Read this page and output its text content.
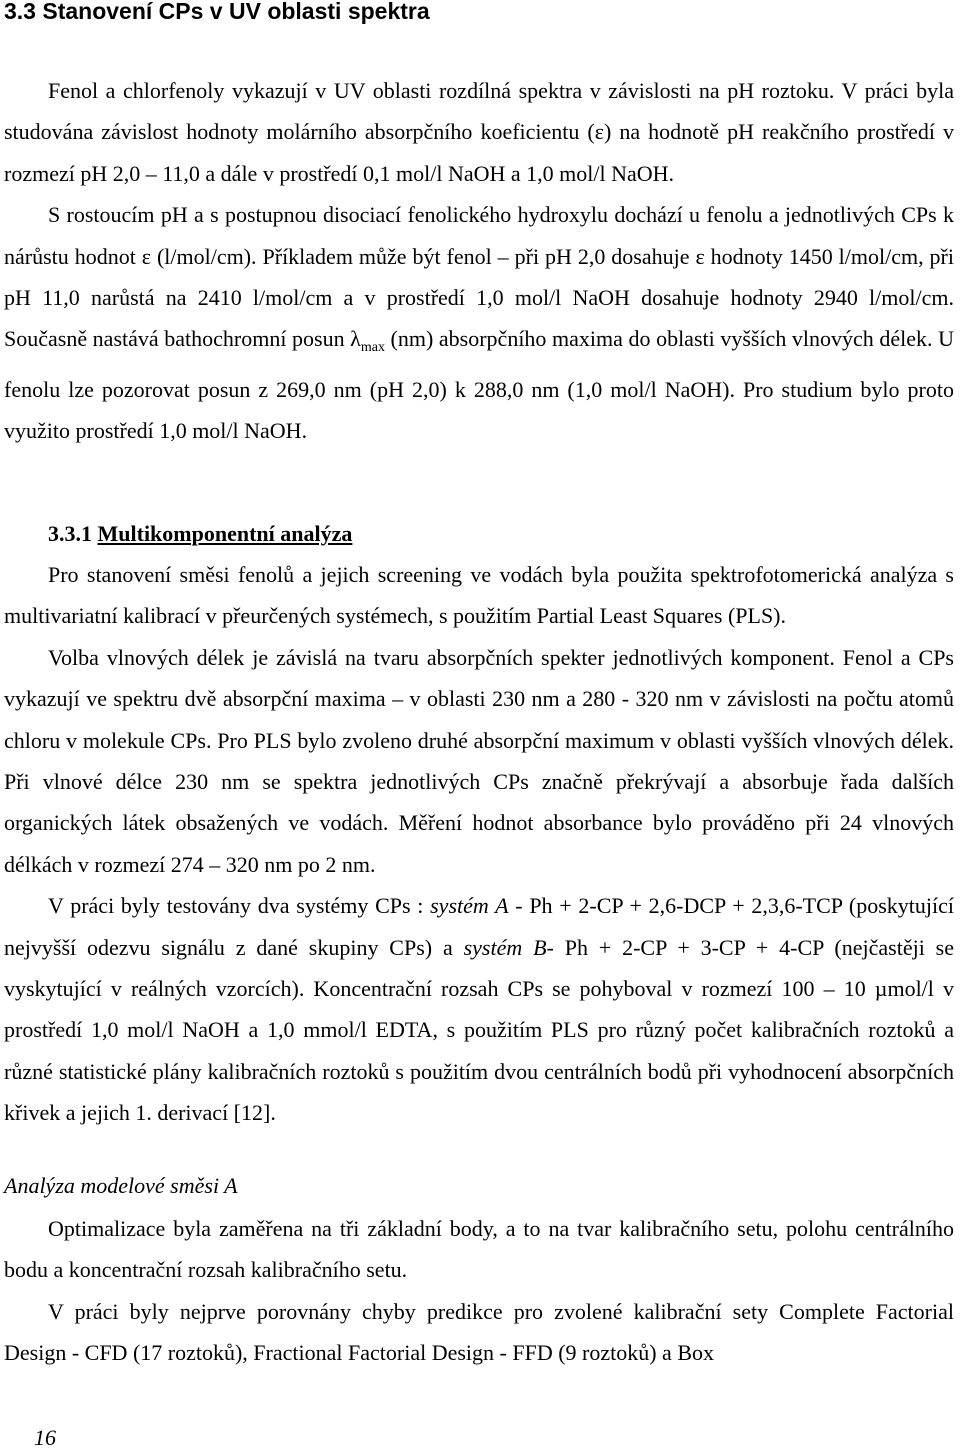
3.3 Stanovení CPs v UV oblasti spektra

Fenol a chlorfenoly vykazují v UV oblasti rozdílná spektra v závislosti na pH roztoku. V práci byla studována závislost hodnoty molárního absorpčního koeficientu (ε) na hodnotě pH reakčního prostředí v rozmezí pH 2,0 – 11,0 a dále v prostředí 0,1 mol/l NaOH a 1,0 mol/l NaOH.

S rostoucím pH a s postupnou disociací fenolického hydroxylu dochází u fenolu a jednotlivých CPs k nárůstu hodnot ε (l/mol/cm). Příkladem může být fenol – při pH 2,0 dosahuje ε hodnoty 1450 l/mol/cm, při pH 11,0 narůstá na 2410 l/mol/cm a v prostředí 1,0 mol/l NaOH dosahuje hodnoty 2940 l/mol/cm. Současně nastává bathochromní posun $\lambda_{max}$ (nm) absorpčního maxima do oblasti vyšších vlnových délek. U fenolu lze pozorovat posun z 269,0 nm (pH 2,0) k 288,0 nm (1,0 mol/l NaOH). Pro studium bylo proto využito prostředí 1,0 mol/l NaOH.

3.3.1 Multikomponentní analýza

Pro stanovení směsi fenolů a jejich screening ve vodách byla použita spektrofotomerická analýza s multivariatní kalibrací v přeurčených systémech, s použitím Partial Least Squares (PLS).

Volba vlnových délek je závislá na tvaru absorpčních spekter jednotlivých komponent. Fenol a CPs vykazují ve spektru dvě absorpční maxima – v oblasti 230 nm a 280 - 320 nm v závislosti na počtu atomů chloru v molekule CPs. Pro PLS bylo zvoleno druhé absorpční maximum v oblasti vyšších vlnových délek. Při vlnové délce 230 nm se spektra jednotlivých CPs značně překrývají a absorbuje řada dalších organických látek obsažených ve vodách. Měření hodnot absorbance bylo prováděno při 24 vlnových délkách v rozmezí 274 – 320 nm po 2 nm.

V práci byly testovány dva systémy CPs : systém A - Ph + 2-CP + 2,6-DCP + 2,3,6-TCP (poskytující nejvyšší odezvu signálu z dané skupiny CPs) a systém B- Ph + 2-CP + 3-CP + 4-CP (nejčastěji se vyskytující v reálných vzorcích). Koncentrační rozsah CPs se pohyboval v rozmezí 100 – 10 µmol/l v prostředí 1,0 mol/l NaOH a 1,0 mmol/l EDTA, s použitím PLS pro různý počet kalibračních roztoků a různé statistické plány kalibračních roztoků s použitím dvou centrálních bodů při vyhodnocení absorpčních křivek a jejich 1. derivací [12].

Analýza modelové směsi A

Optimalizace byla zaměřena na tři základní body, a to na tvar kalibračního setu, polohu centrálního bodu a koncentrační rozsah kalibračního setu.

V práci byly nejprve porovnány chyby predikce pro zvolené kalibrační sety Complete Factorial Design - CFD (17 roztoků), Fractional Factorial Design - FFD (9 roztoků) a Box

16
